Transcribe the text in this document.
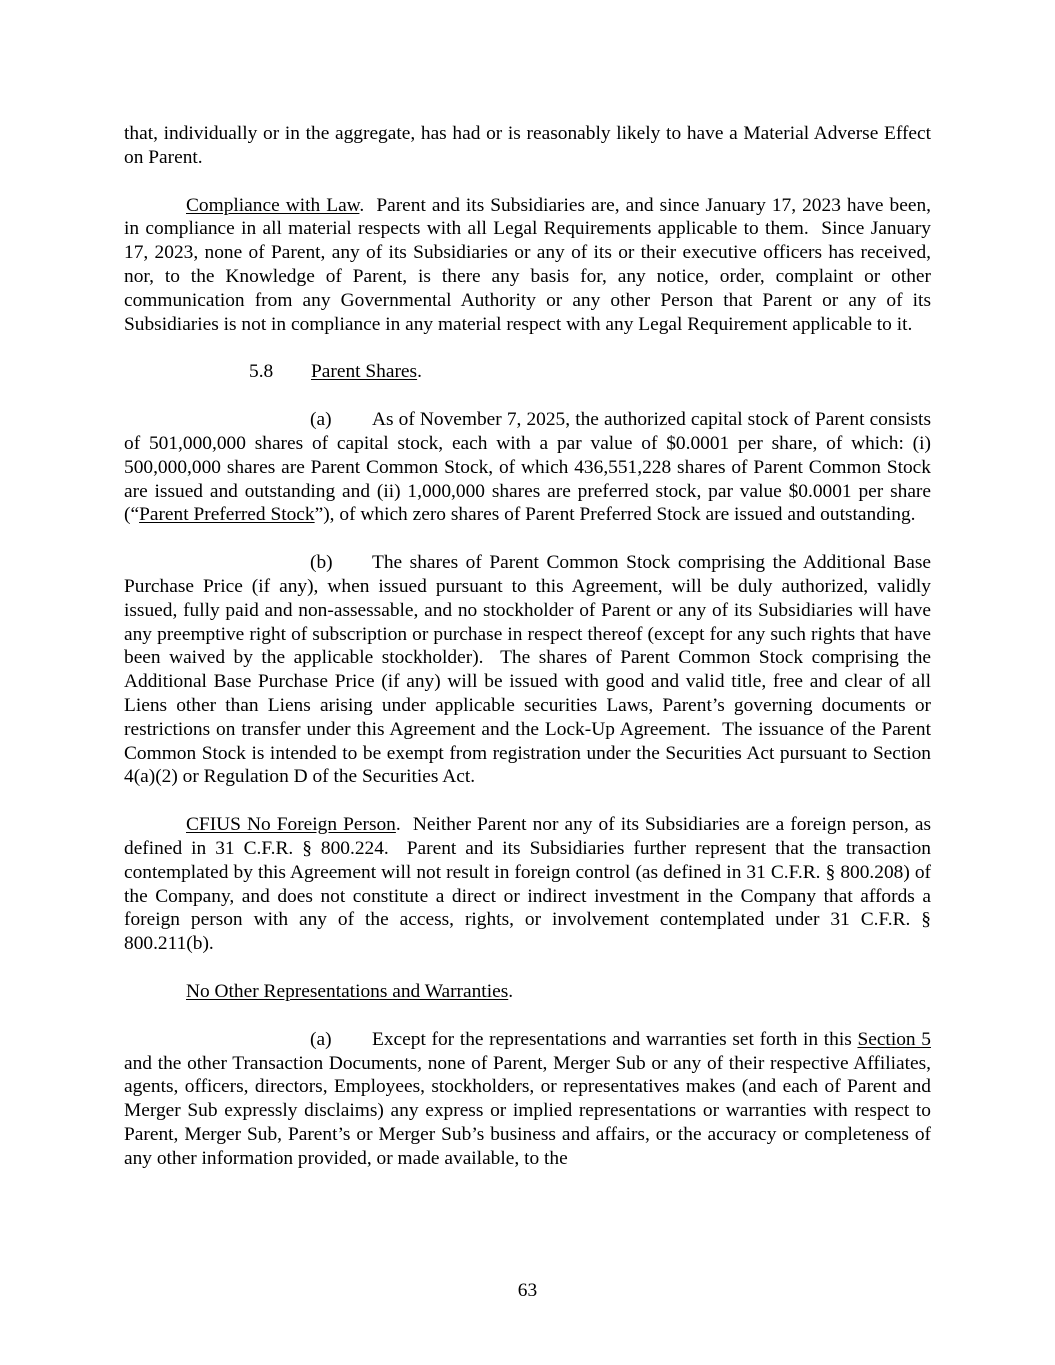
that, individually or in the aggregate, has had or is reasonably likely to have a Material Adverse Effect on Parent.

Compliance with Law.  Parent and its Subsidiaries are, and since January 17, 2023 have been, in compliance in all material respects with all Legal Requirements applicable to them.  Since January 17, 2023, none of Parent, any of its Subsidiaries or any of its or their executive officers has received, nor, to the Knowledge of Parent, is there any basis for, any notice, order, complaint or other communication from any Governmental Authority or any other Person that Parent or any of its Subsidiaries is not in compliance in any material respect with any Legal Requirement applicable to it.

5.8 Parent Shares.

(a) As of November 7, 2025, the authorized capital stock of Parent consists of 501,000,000 shares of capital stock, each with a par value of $0.0001 per share, of which: (i) 500,000,000 shares are Parent Common Stock, of which 436,551,228 shares of Parent Common Stock are issued and outstanding and (ii) 1,000,000 shares are preferred stock, par value $0.0001 per share (“Parent Preferred Stock”), of which zero shares of Parent Preferred Stock are issued and outstanding.

(b) The shares of Parent Common Stock comprising the Additional Base Purchase Price (if any), when issued pursuant to this Agreement, will be duly authorized, validly issued, fully paid and non-assessable, and no stockholder of Parent or any of its Subsidiaries will have any preemptive right of subscription or purchase in respect thereof (except for any such rights that have been waived by the applicable stockholder).  The shares of Parent Common Stock comprising the Additional Base Purchase Price (if any) will be issued with good and valid title, free and clear of all Liens other than Liens arising under applicable securities Laws, Parent’s governing documents or restrictions on transfer under this Agreement and the Lock-Up Agreement.  The issuance of the Parent Common Stock is intended to be exempt from registration under the Securities Act pursuant to Section 4(a)(2) or Regulation D of the Securities Act.

CFIUS No Foreign Person.  Neither Parent nor any of its Subsidiaries are a foreign person, as defined in 31 C.F.R. § 800.224.  Parent and its Subsidiaries further represent that the transaction contemplated by this Agreement will not result in foreign control (as defined in 31 C.F.R. § 800.208) of the Company, and does not constitute a direct or indirect investment in the Company that affords a foreign person with any of the access, rights, or involvement contemplated under 31 C.F.R. § 800.211(b).

No Other Representations and Warranties.

(a) Except for the representations and warranties set forth in this Section 5 and the other Transaction Documents, none of Parent, Merger Sub or any of their respective Affiliates, agents, officers, directors, Employees, stockholders, or representatives makes (and each of Parent and Merger Sub expressly disclaims) any express or implied representations or warranties with respect to Parent, Merger Sub, Parent’s or Merger Sub’s business and affairs, or the accuracy or completeness of any other information provided, or made available, to the

63
